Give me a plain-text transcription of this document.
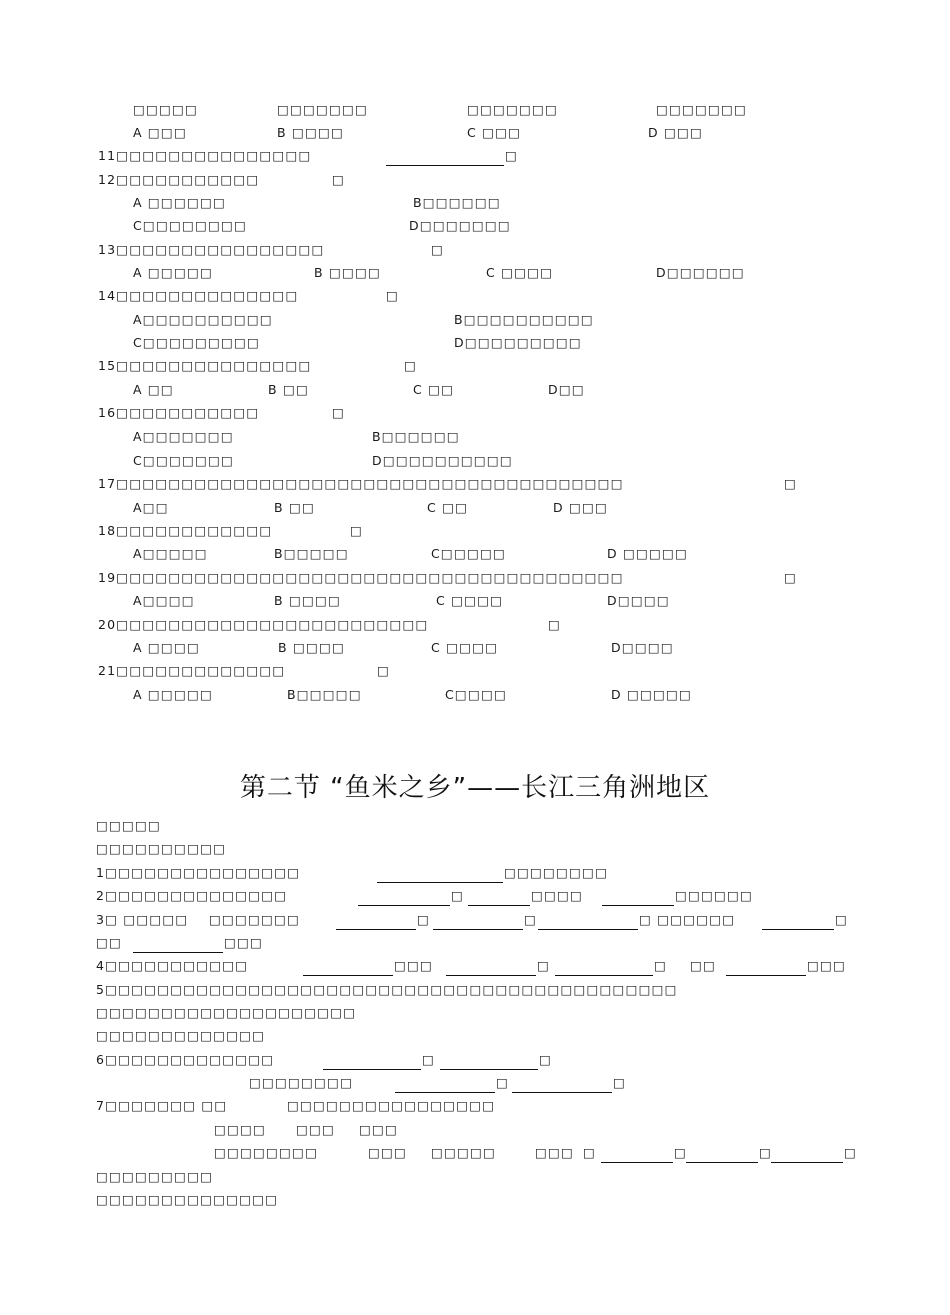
□□□□□	□□□□□□□	□□□□□□□	□□□□□□□
A □□□	B □□□□	C □□□	D □□□
11□□□□□□□□□□□□□□□	□
12□□□□□□□□□□□	□
A □□□□□□	B□□□□□□
C□□□□□□□□	D□□□□□□□
13□□□□□□□□□□□□□□□□	□
A □□□□□	B □□□□	C □□□□	D□□□□□□
14□□□□□□□□□□□□□□	□
A□□□□□□□□□□	B□□□□□□□□□□
C□□□□□□□□□	D□□□□□□□□□
15□□□□□□□□□□□□□□□	□
A □□	B □□	C □□	D□□
16□□□□□□□□□□□	□
A□□□□□□□	B□□□□□□
C□□□□□□□	D□□□□□□□□□□
17□□□□□□□□□□□□□□□□□□□□□□□□□□□□□□□□□□□□□□□	□
A□□	B □□	C □□	D □□□
18□□□□□□□□□□□□	□
A□□□□□	B□□□□□	C□□□□□	D □□□□□
19□□□□□□□□□□□□□□□□□□□□□□□□□□□□□□□□□□□□□□□	□
A□□□□	B □□□□	C □□□□	D□□□□
20□□□□□□□□□□□□□□□□□□□□□□□□	□
A □□□□	B □□□□	C □□□□	D□□□□
21□□□□□□□□□□□□□	□
A □□□□□	B□□□□□	C□□□□	D □□□□□
第二节 “鱼米之乡”——长江三角洲地区
□□□□□
□□□□□□□□□□
1□□□□□□□□□□□□□□□	□□□□□□□□
2□□□□□□□□□□□□□□	□	□□□□	□□□□□□
3□ □□□□□ □□□□□□□	□	□	□ □□□□□□	□
□□	□□□
4□□□□□□□□□□□	□□□	□	□ □□	□□□
5□□□□□□□□□□□□□□□□□□□□□□□□□□□□□□□□□□□□□□□□□□□□
□□□□□□□□□□□□□□□□□□□□
□□□□□□□□□□□□□
6□□□□□□□□□□□□□	□	□
□□□□□□□□	□	□
7□□□□□□□ □□	□□□□□□□□□□□□□□□□
□□□□ □□□ □□□
□□□□□□□□	□□□ □□□□□	□□□ □	□	□	□
□□□□□□□□□
□□□□□□□□□□□□□□
